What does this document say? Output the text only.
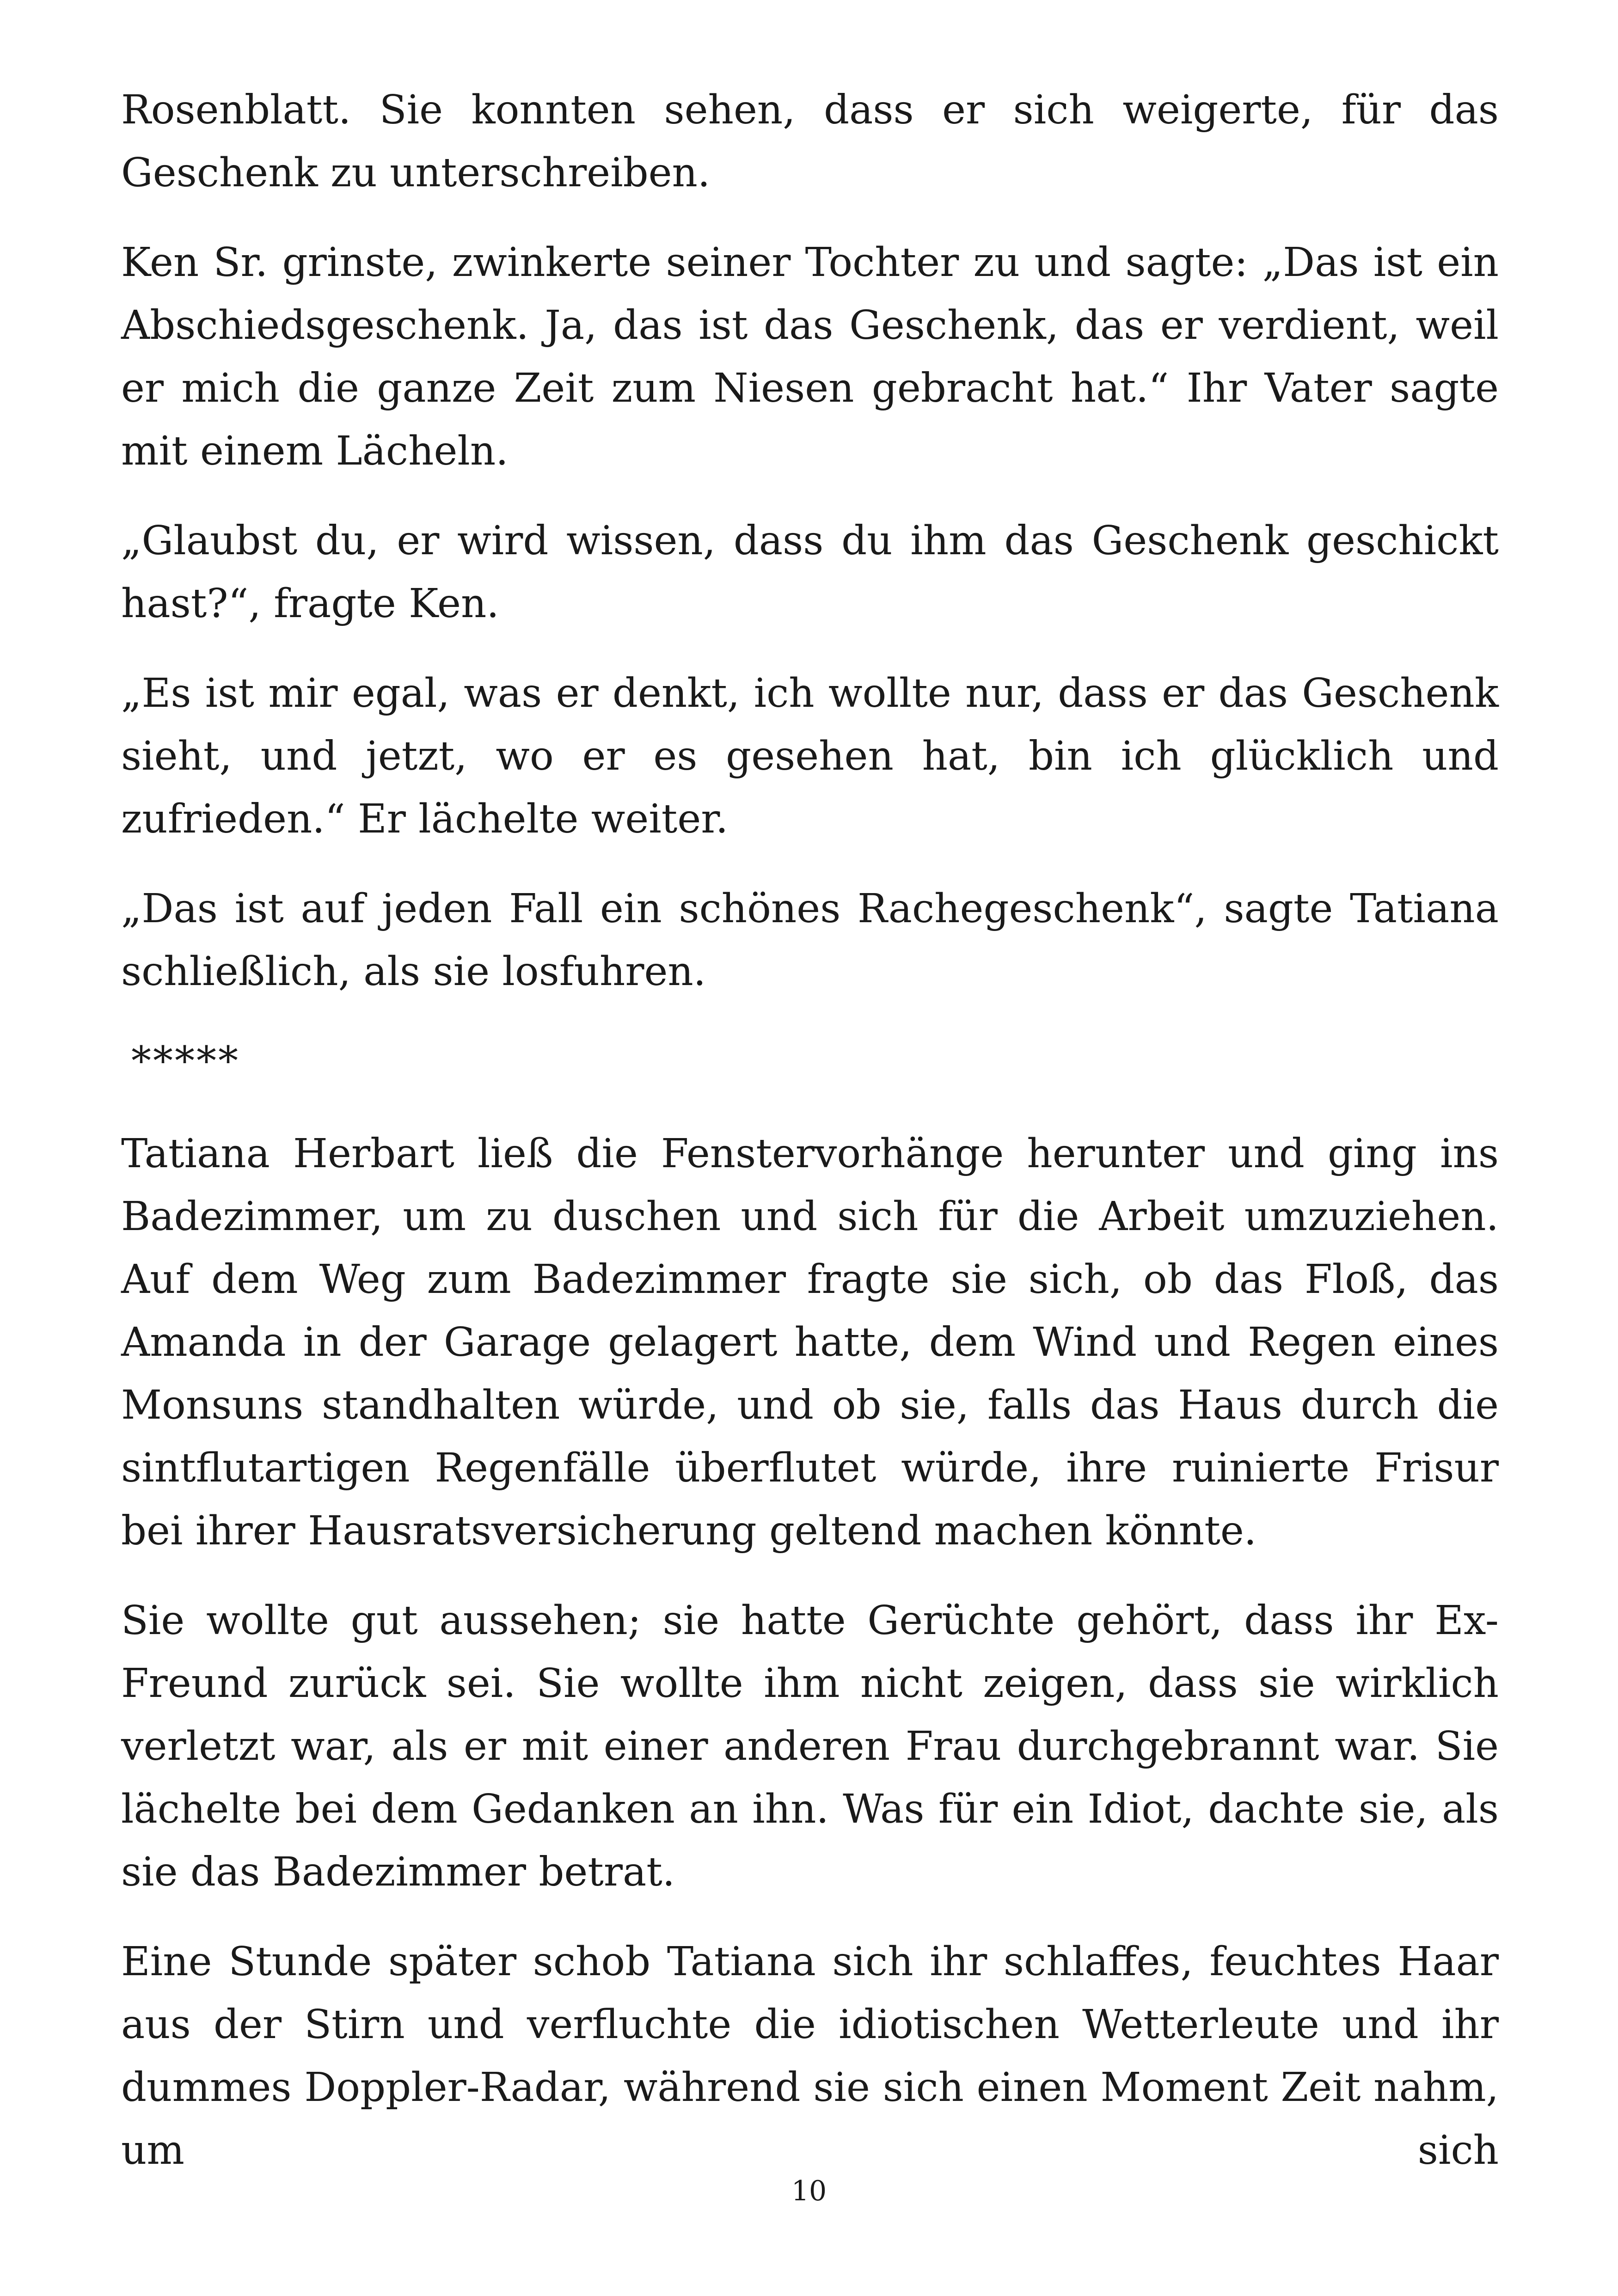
Rosenblatt. Sie konnten sehen, dass er sich weigerte, für das Geschenk zu unterschreiben.

Ken Sr. grinste, zwinkerte seiner Tochter zu und sagte: „Das ist ein Abschiedsgeschenk. Ja, das ist das Geschenk, das er verdient, weil er mich die ganze Zeit zum Niesen gebracht hat.“ Ihr Vater sagte mit einem Lächeln.

„Glaubst du, er wird wissen, dass du ihm das Geschenk geschickt hast?“, fragte Ken.

„Es ist mir egal, was er denkt, ich wollte nur, dass er das Geschenk sieht, und jetzt, wo er es gesehen hat, bin ich glücklich und zufrieden.“ Er lächelte weiter.

„Das ist auf jeden Fall ein schönes Rachegeschenk“, sagte Tatiana schließlich, als sie losfuhren.

*****

Tatiana Herbart ließ die Fenstervorhänge herunter und ging ins Badezimmer, um zu duschen und sich für die Arbeit umzuziehen. Auf dem Weg zum Badezimmer fragte sie sich, ob das Floß, das Amanda in der Garage gelagert hatte, dem Wind und Regen eines Monsuns standhalten würde, und ob sie, falls das Haus durch die sintflutartigen Regenfälle überflutet würde, ihre ruinierte Frisur bei ihrer Hausratsversicherung geltend machen könnte.

Sie wollte gut aussehen; sie hatte Gerüchte gehört, dass ihr Ex-Freund zurück sei. Sie wollte ihm nicht zeigen, dass sie wirklich verletzt war, als er mit einer anderen Frau durchgebrannt war. Sie lächelte bei dem Gedanken an ihn. Was für ein Idiot, dachte sie, als sie das Badezimmer betrat.

Eine Stunde später schob Tatiana sich ihr schlaffes, feuchtes Haar aus der Stirn und verfluchte die idiotischen Wetterleute und ihr dummes Doppler-Radar, während sie sich einen Moment Zeit nahm, um sich

10
